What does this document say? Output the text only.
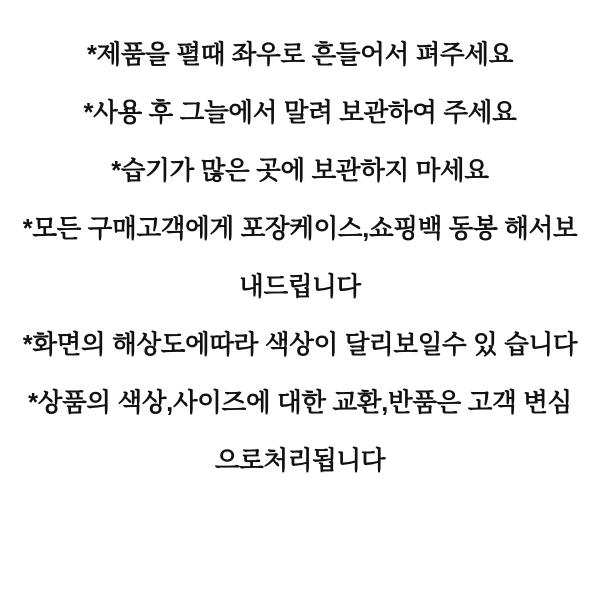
*제품을 펼때 좌우로 흔들어서 펴주세요
*사용 후 그늘에서 말려 보관하여 주세요
*습기가 많은 곳에 보관하지 마세요
*모든 구매고객에게 포장케이스,쇼핑백 동봉 해서보내드립니다
*화면의 해상도에따라 색상이 달리보일수 있 습니다
*상품의 색상,사이즈에 대한 교환,반품은 고객 변심으로처리됩니다
